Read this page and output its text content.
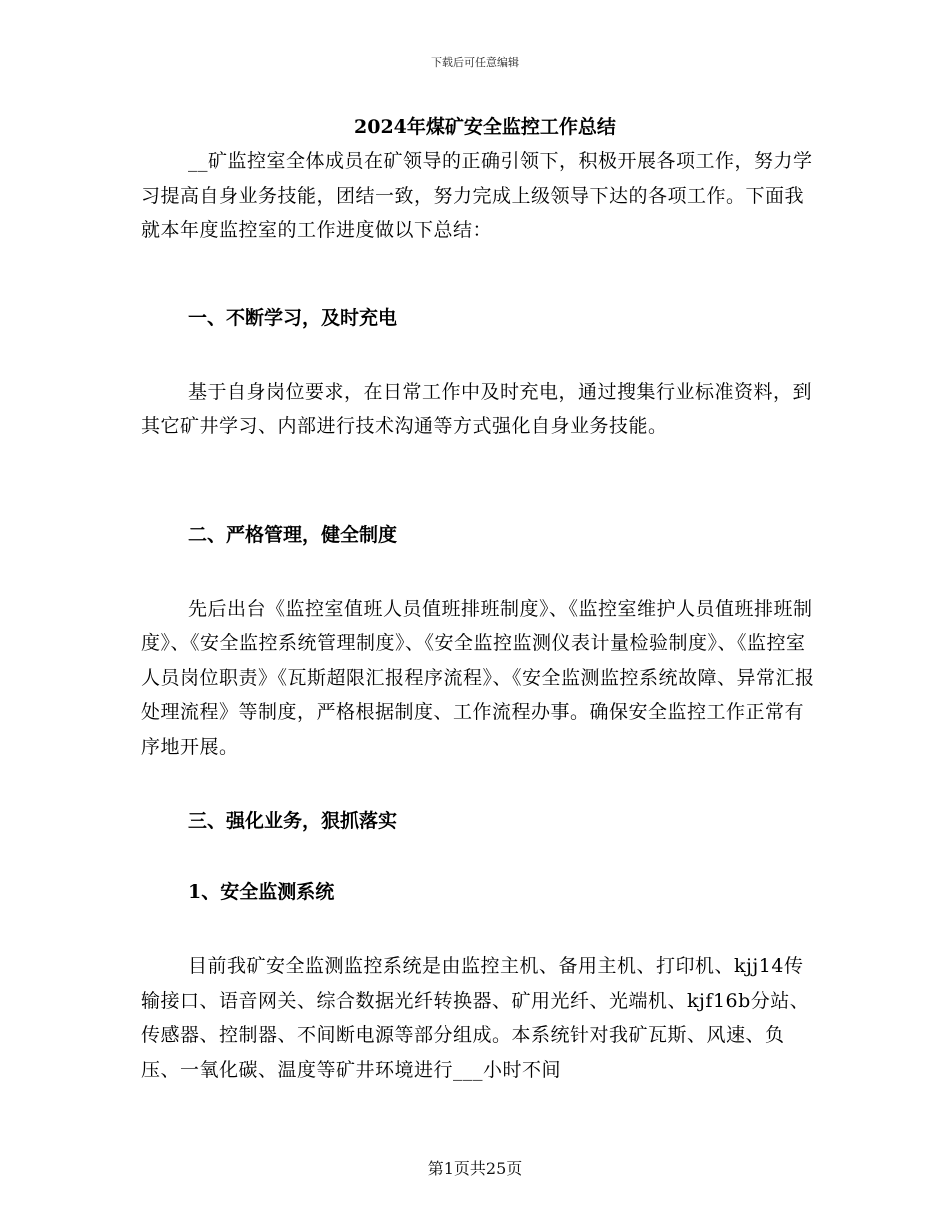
下载后可任意编辑
2024年煤矿安全监控工作总结

__矿监控室全体成员在矿领导的正确引领下，积极开展各项工作，努力学习提高自身业务技能，团结一致，努力完成上级领导下达的各项工作。下面我就本年度监控室的工作进度做以下总结：

一、不断学习，及时充电

基于自身岗位要求，在日常工作中及时充电，通过搜集行业标准资料，到其它矿井学习、内部进行技术沟通等方式强化自身业务技能。

二、严格管理，健全制度

先后出台《监控室值班人员值班排班制度》、《监控室维护人员值班排班制度》、《安全监控系统管理制度》、《安全监控监测仪表计量检验制度》、《监控室人员岗位职责》《瓦斯超限汇报程序流程》、《安全监测监控系统故障、异常汇报处理流程》等制度，严格根据制度、工作流程办事。确保安全监控工作正常有序地开展。

三、强化业务，狠抓落实
1、安全监测系统

目前我矿安全监测监控系统是由监控主机、备用主机、打印机、kjj14传输接口、语音网关、综合数据光纤转换器、矿用光纤、光端机、kjf16b分站、传感器、控制器、不间断电源等部分组成。本系统针对我矿瓦斯、风速、负压、一氧化碳、温度等矿井环境进行___小时不间

第1页共25页
